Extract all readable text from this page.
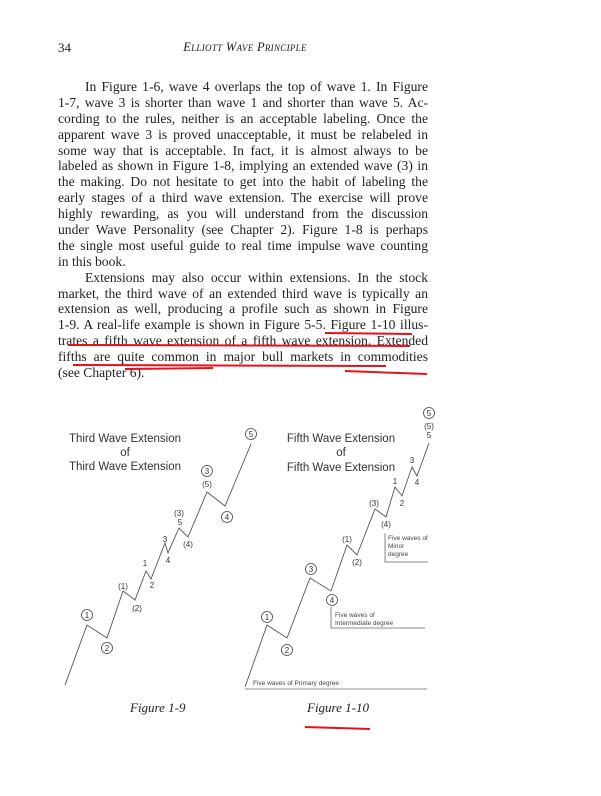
34	Elliott Wave Principle
In Figure 1-6, wave 4 overlaps the top of wave 1. In Figure
1-7, wave 3 is shorter than wave 1 and shorter than wave 5. Ac-
cording to the rules, neither is an acceptable labeling. Once the
apparent wave 3 is proved unacceptable, it must be relabeled in
some way that is acceptable. In fact, it is almost always to be
labeled as shown in Figure 1-8, implying an extended wave (3) in
the making. Do not hesitate to get into the habit of labeling the
early stages of a third wave extension. The exercise will prove
highly rewarding, as you will understand from the discussion
under Wave Personality (see Chapter 2). Figure 1-8 is perhaps
the single most useful guide to real time impulse wave counting
in this book.
Extensions may also occur within extensions. In the stock
market, the third wave of an extended third wave is typically an
extension as well, producing a profile such as shown in Figure
1-9. A real-life example is shown in Figure 5-5. Figure 1-10 illus-
trates a fifth wave extension of a fifth wave extension. Extended
fifths are quite common in major bull markets in commodities
(see Chapter 6).
1
2
(1)
(2)
1
2
3
4
(3)
5
(4)
3
(5)
4
5
Third Wave Extension
of
Third Wave Extension
1
2
3
4
(1)
(2)
(3)
(4)
1
2
3
4
5
(5)
5
Fifth Wave Extension
of
Fifth Wave Extension
Five waves of Primary degree
Five waves of
Intermediate degree
Five waves of
Minor
degree
Figure 1-9	Figure 1-10
